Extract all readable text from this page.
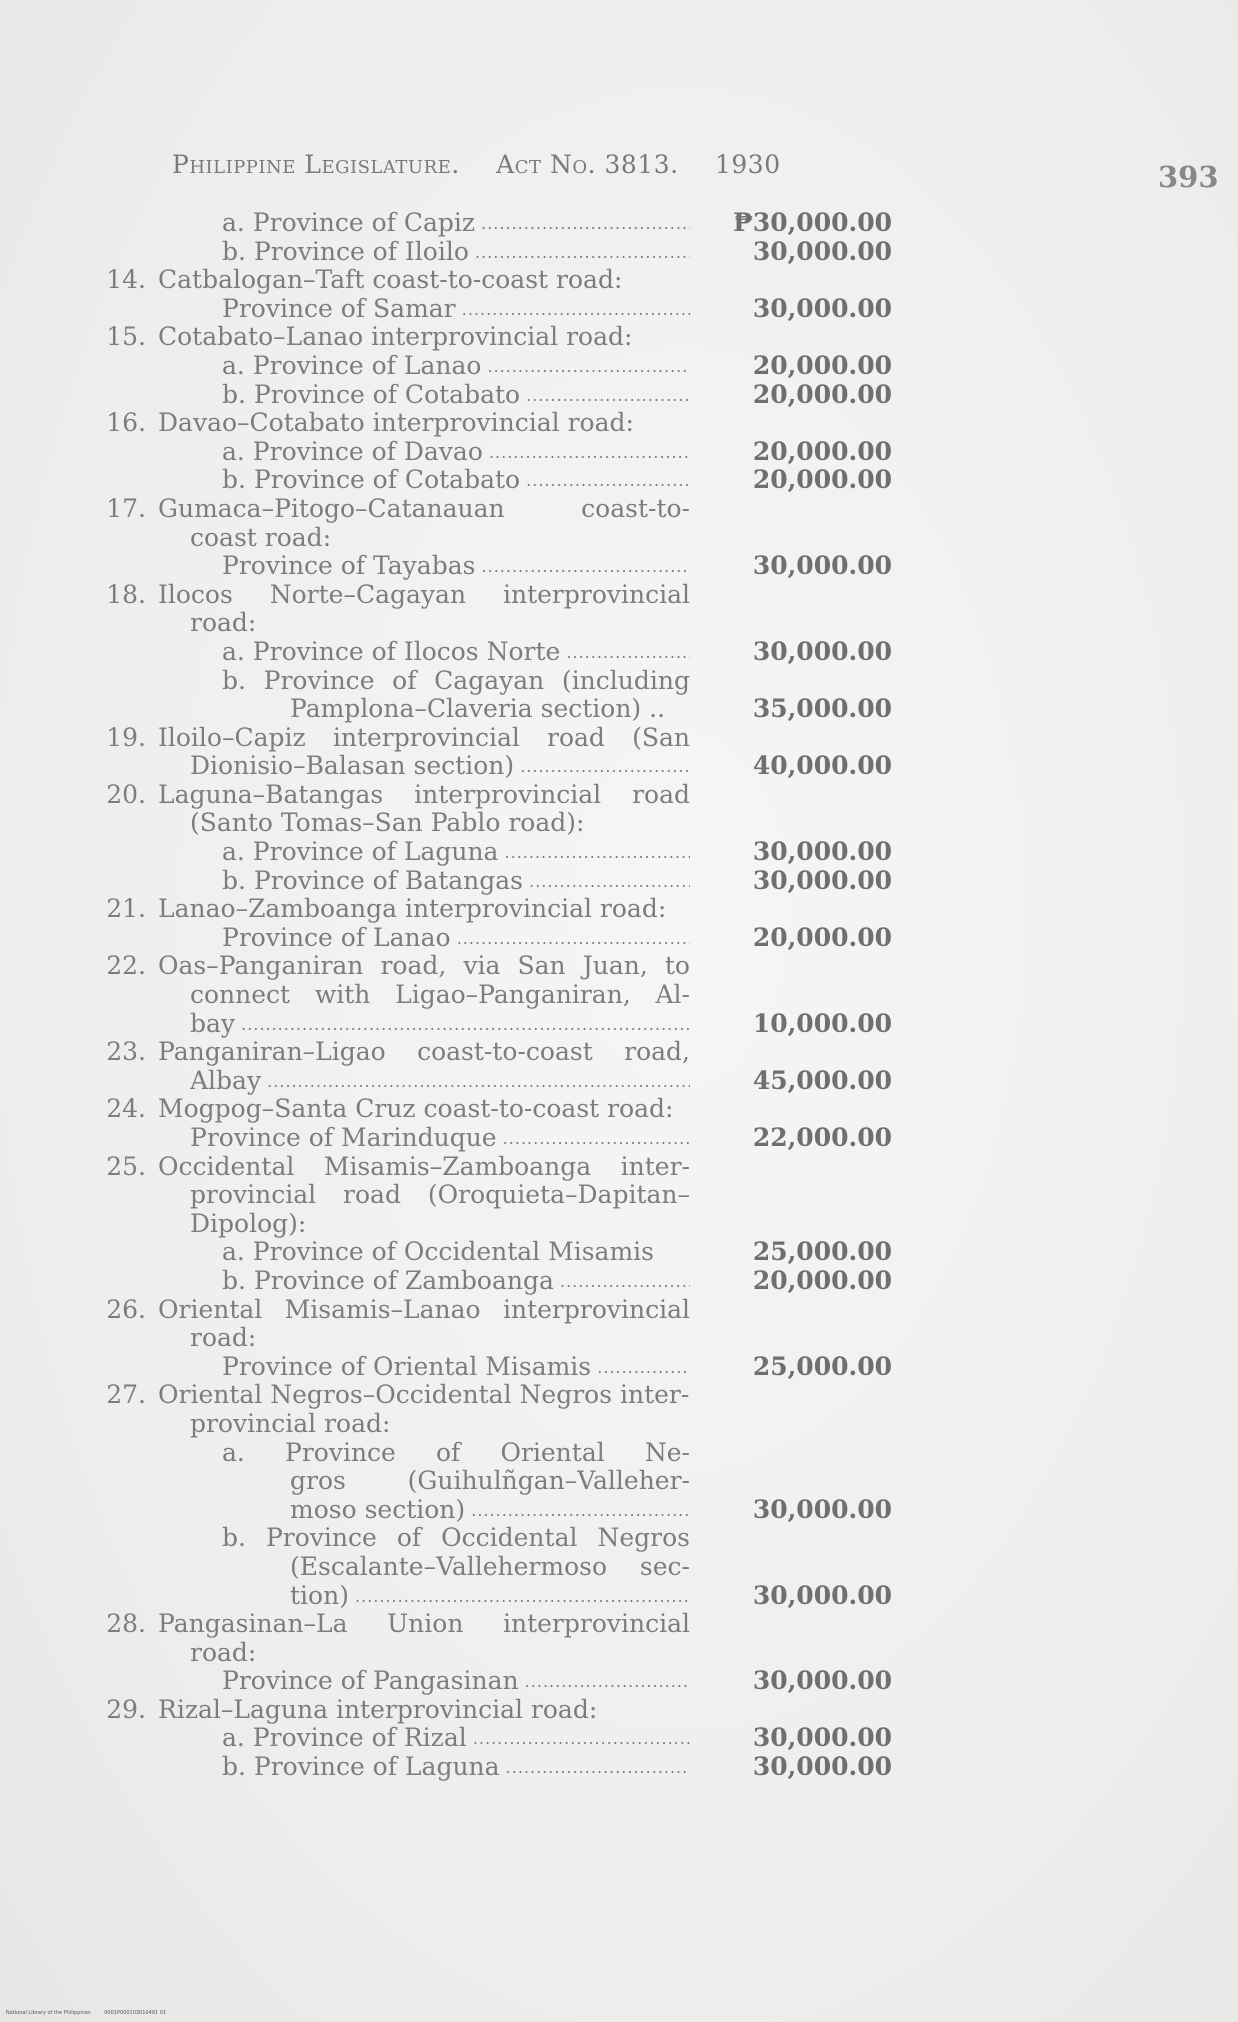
Philippine Legislature. Act No. 3813. 1930	393
a. Province of Capiz .....	₱30,000.00
b. Province of Iloilo .....	30,000.00
14. Catbalogan–Taft coast-to-coast road:
Province of Samar .....	30,000.00
15. Cotabato–Lanao interprovincial road:
a. Province of Lanao .....	20,000.00
b. Province of Cotabato .....	20,000.00
16. Davao–Cotabato interprovincial road:
a. Province of Davao .....	20,000.00
b. Province of Cotabato .....	20,000.00
17. Gumaca–Pitogo–Catanauan coast-to-
coast road:
Province of Tayabas .....	30,000.00
18. Ilocos Norte–Cagayan interprovincial
road:
a. Province of Ilocos Norte .....	30,000.00
b. Province of Cagayan (including
Pamplona–Claveria section) ..	35,000.00
19. Iloilo–Capiz interprovincial road (San
Dionisio–Balasan section) .....	40,000.00
20. Laguna–Batangas interprovincial road
(Santo Tomas–San Pablo road):
a. Province of Laguna .....	30,000.00
b. Province of Batangas .....	30,000.00
21. Lanao–Zamboanga interprovincial road:
Province of Lanao .....	20,000.00
22. Oas–Panganiran road, via San Juan, to
connect with Ligao–Panganiran, Al-
bay .....	10,000.00
23. Panganiran–Ligao coast-to-coast road,
Albay .....	45,000.00
24. Mogpog–Santa Cruz coast-to-coast road:
Province of Marinduque .....	22,000.00
25. Occidental Misamis–Zamboanga inter-
provincial road (Oroquieta–Dapitan–
Dipolog):
a. Province of Occidental Misamis	25,000.00
b. Province of Zamboanga .....	20,000.00
26. Oriental Misamis–Lanao interprovincial
road:
Province of Oriental Misamis .....	25,000.00
27. Oriental Negros–Occidental Negros inter-
provincial road:
a. Province of Oriental Ne-
gros (Guihulñgan–Valleher-
moso section) .....	30,000.00
b. Province of Occidental Negros
(Escalante–Vallehermoso sec-
tion) .....	30,000.00
28. Pangasinan–La Union interprovincial
road:
Province of Pangasinan .....	30,000.00
29. Rizal–Laguna interprovincial road:
a. Province of Rizal .....	30,000.00
b. Province of Laguna .....	30,000.00
National Library of the Philippines	0001P000103010491 01
